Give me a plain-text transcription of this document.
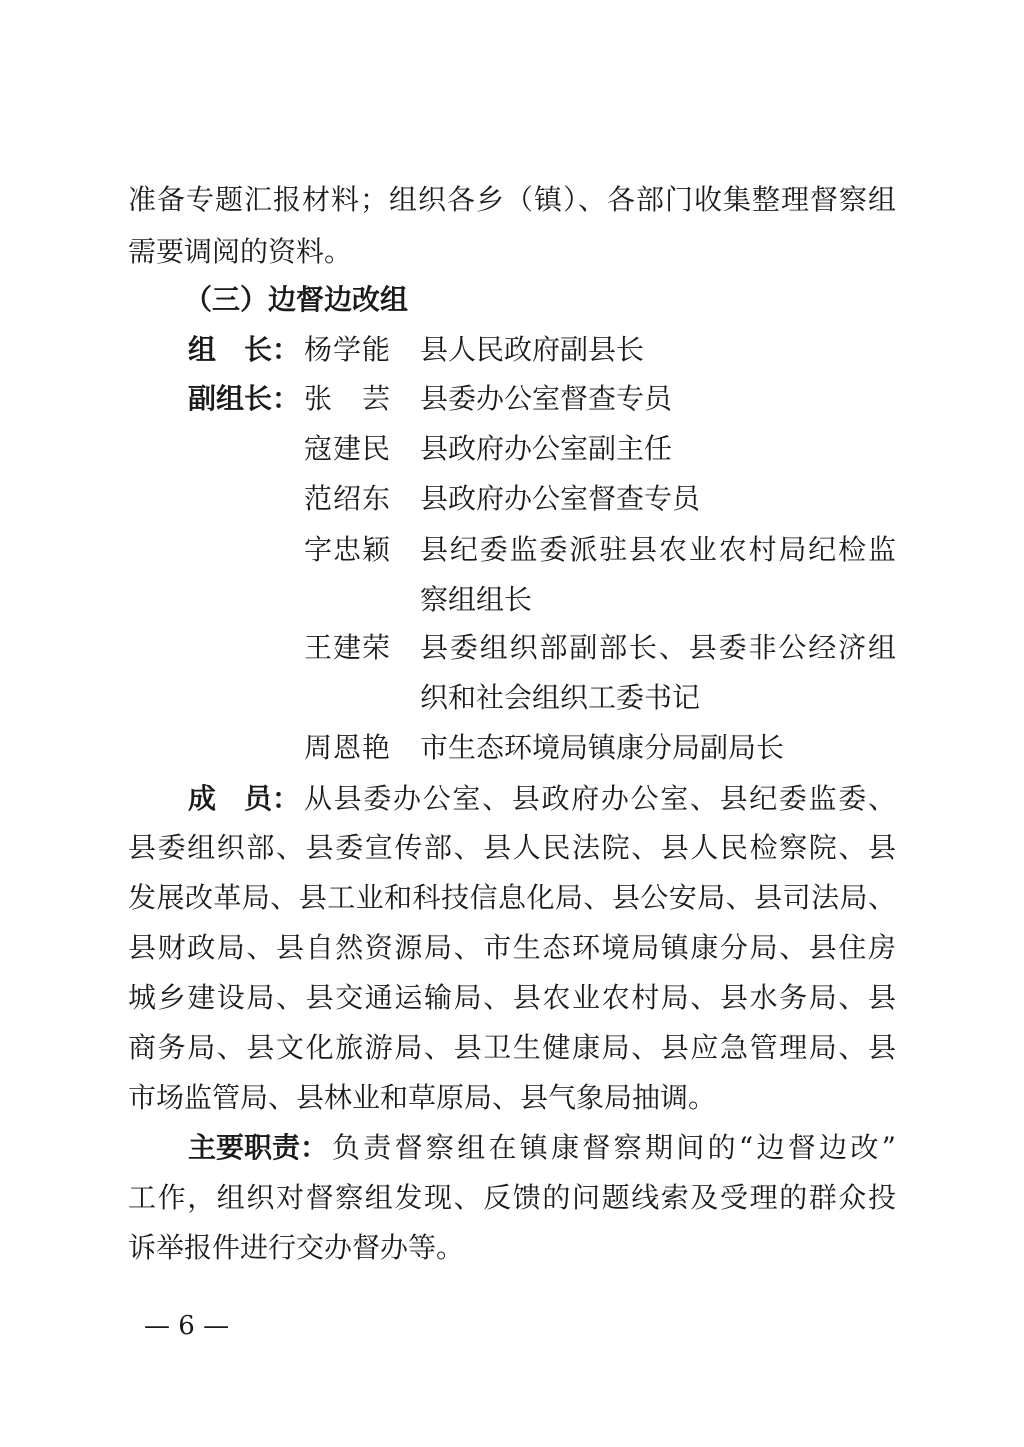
准备专题汇报材料；组织各乡（镇）、各部门收集整理督察组
需要调阅的资料。
（三）边督边改组
组　长： 杨学能 县人民政府副县长
副组长： 张　芸 县委办公室督查专员
寇建民 县政府办公室副主任
范绍东 县政府办公室督查专员
字忠颖 县纪委监委派驻县农业农村局纪检监
察组组长
王建荣 县委组织部副部长、县委非公经济组
织和社会组织工委书记
周恩艳 市生态环境局镇康分局副局长
成　员： 从县委办公室、县政府办公室、县纪委监委、
县委组织部、县委宣传部、县人民法院、县人民检察院、县
发展改革局、县工业和科技信息化局、县公安局、县司法局、
县财政局、县自然资源局、市生态环境局镇康分局、县住房
城乡建设局、县交通运输局、县农业农村局、县水务局、县
商务局、县文化旅游局、县卫生健康局、县应急管理局、县
市场监管局、县林业和草原局、县气象局抽调。
主要职责： 负责督察组在镇康督察期间的“边督边改”
工作，组织对督察组发现、反馈的问题线索及受理的群众投
诉举报件进行交办督办等。
— 6 —
